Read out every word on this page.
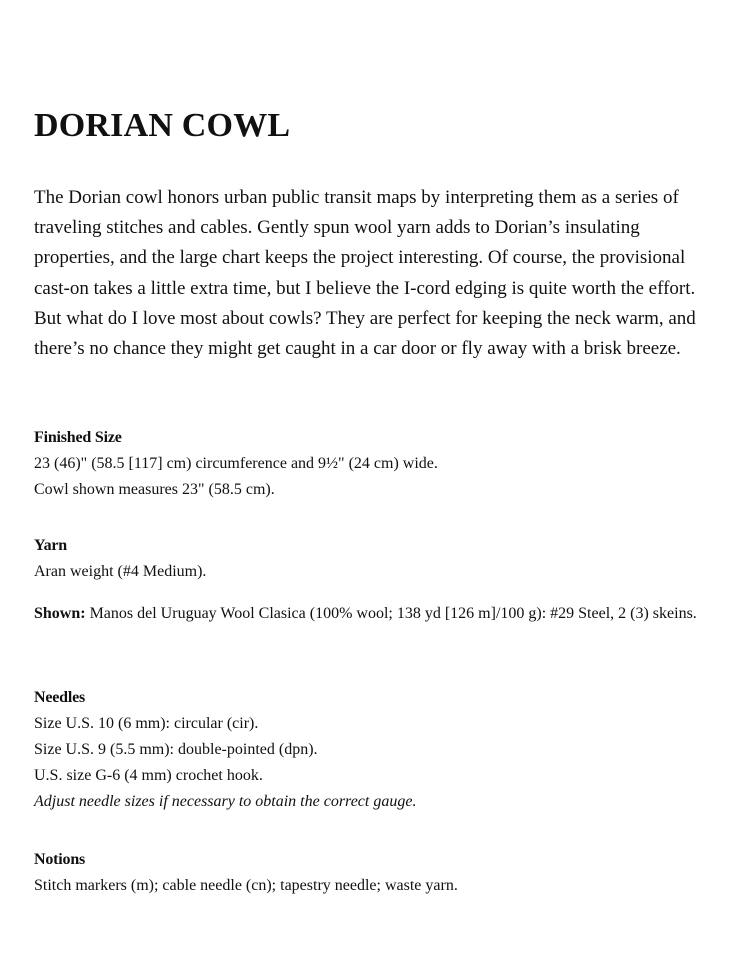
DORIAN COWL

The Dorian cowl honors urban public transit maps by interpreting them as a series of traveling stitches and cables. Gently spun wool yarn adds to Dorian’s insulating properties, and the large chart keeps the project interesting. Of course, the provisional cast-on takes a little extra time, but I believe the I-cord edging is quite worth the effort. But what do I love most about cowls? They are perfect for keeping the neck warm, and there’s no chance they might get caught in a car door or fly away with a brisk breeze.

Finished Size
23 (46)" (58.5 [117] cm) circumference and 9½" (24 cm) wide.
Cowl shown measures 23" (58.5 cm).
Yarn
Aran weight (#4 Medium).
Shown: Manos del Uruguay Wool Clasica (100% wool; 138 yd [126 m]/100 g): #29 Steel, 2 (3) skeins.
Needles
Size U.S. 10 (6 mm): circular (cir).
Size U.S. 9 (5.5 mm): double-pointed (dpn).
U.S. size G-6 (4 mm) crochet hook.
Adjust needle sizes if necessary to obtain the correct gauge.
Notions
Stitch markers (m); cable needle (cn); tapestry needle; waste yarn.
